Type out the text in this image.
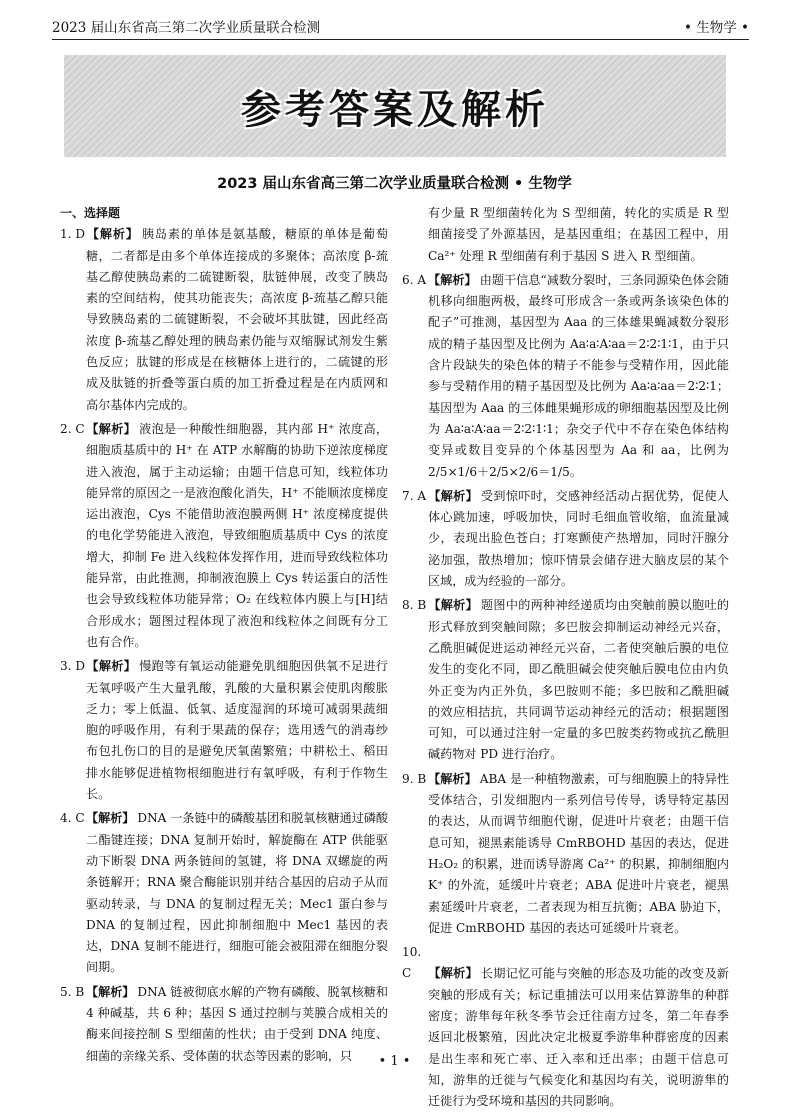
2023 届山东省高三第二次学业质量联合检测	• 生物学 •
参考答案及解析
2023 届山东省高三第二次学业质量联合检测 • 生物学
一、选择题
1. D【解析】 胰岛素的单体是氨基酸，糖原的单体是葡萄糖，二者都是由多个单体连接成的多聚体；高浓度 β-巯基乙醇使胰岛素的二硫键断裂，肽链伸展，改变了胰岛素的空间结构，使其功能丧失；高浓度 β-巯基乙醇只能导致胰岛素的二硫键断裂，不会破坏其肽键，因此经高浓度 β-巯基乙醇处理的胰岛素仍能与双缩脲试剂发生紫色反应；肽键的形成是在核糖体上进行的，二硫键的形成及肽链的折叠等蛋白质的加工折叠过程是在内质网和高尔基体内完成的。
2. C【解析】 液泡是一种酸性细胞器，其内部 H⁺ 浓度高，细胞质基质中的 H⁺ 在 ATP 水解酶的协助下逆浓度梯度进入液泡，属于主动运输；由题干信息可知，线粒体功能异常的原因之一是液泡酸化消失，H⁺ 不能顺浓度梯度运出液泡，Cys 不能借助液泡膜两侧 H⁺ 浓度梯度提供的电化学势能进入液泡，导致细胞质基质中 Cys 的浓度增大，抑制 Fe 进入线粒体发挥作用，进而导致线粒体功能异常，由此推测，抑制液泡膜上 Cys 转运蛋白的活性也会导致线粒体功能异常；O₂ 在线粒体内膜上与[H]结合形成水；题图过程体现了液泡和线粒体之间既有分工也有合作。
3. D【解析】 慢跑等有氧运动能避免肌细胞因供氧不足进行无氧呼吸产生大量乳酸，乳酸的大量积累会使肌肉酸胀乏力；零上低温、低氧、适度湿润的环境可减弱果蔬细胞的呼吸作用，有利于果蔬的保存；选用透气的消毒纱布包扎伤口的目的是避免厌氧菌繁殖；中耕松土、稻田排水能够促进植物根细胞进行有氧呼吸，有利于作物生长。
4. C【解析】 DNA 一条链中的磷酸基团和脱氧核糖通过磷酸二酯键连接；DNA 复制开始时，解旋酶在 ATP 供能驱动下断裂 DNA 两条链间的氢键，将 DNA 双螺旋的两条链解开；RNA 聚合酶能识别并结合基因的启动子从而驱动转录，与 DNA 的复制过程无关；Mec1 蛋白参与 DNA 的复制过程，因此抑制细胞中 Mec1 基因的表达，DNA 复制不能进行，细胞可能会被阻滞在细胞分裂间期。
5. B 【解析】 DNA 链被彻底水解的产物有磷酸、脱氧核糖和 4 种碱基，共 6 种；基因 S 通过控制与荚膜合成相关的酶来间接控制 S 型细菌的性状；由于受到 DNA 纯度、细菌的亲缘关系、受体菌的状态等因素的影响，只
有少量 R 型细菌转化为 S 型细菌，转化的实质是 R 型细菌接受了外源基因，是基因重组；在基因工程中，用 Ca²⁺ 处理 R 型细菌有利于基因 S 进入 R 型细菌。
6. A 【解析】 由题干信息“减数分裂时，三条同源染色体会随机移向细胞两极，最终可形成含一条或两条该染色体的配子”可推测，基因型为 Aaa 的三体雄果蝇减数分裂形成的精子基因型及比例为 Aa∶a∶A∶aa＝2∶2∶1∶1，由于只含片段缺失的染色体的精子不能参与受精作用，因此能参与受精作用的精子基因型及比例为 Aa∶a∶aa＝2∶2∶1；基因型为 Aaa 的三体雌果蝇形成的卵细胞基因型及比例为 Aa∶a∶A∶aa＝2∶2∶1∶1；杂交子代中不存在染色体结构变异或数目变异的个体基因型为 Aa 和 aa，比例为 2/5×1/6＋2/5×2/6＝1/5。
7. A 【解析】 受到惊吓时，交感神经活动占据优势，促使人体心跳加速，呼吸加快，同时毛细血管收缩，血流量减少，表现出脸色苍白；打寒颤使产热增加，同时汗腺分泌加强，散热增加；惊吓情景会储存进大脑皮层的某个区域，成为经验的一部分。
8. B 【解析】 题图中的两种神经递质均由突触前膜以胞吐的形式释放到突触间隙；多巴胺会抑制运动神经元兴奋，乙酰胆碱促进运动神经元兴奋，二者使突触后膜的电位发生的变化不同，即乙酰胆碱会使突触后膜电位由内负外正变为内正外负，多巴胺则不能；多巴胺和乙酰胆碱的效应相拮抗，共同调节运动神经元的活动；根据题图可知，可以通过注射一定量的多巴胺类药物或抗乙酰胆碱药物对 PD 进行治疗。
9. B 【解析】 ABA 是一种植物激素，可与细胞膜上的特异性受体结合，引发细胞内一系列信号传导，诱导特定基因的表达，从而调节细胞代谢，促进叶片衰老；由题干信息可知，褪黑素能诱导 CmRBOHD 基因的表达，促进 H₂O₂ 的积累，进而诱导游离 Ca²⁺ 的积累，抑制细胞内 K⁺ 的外流，延缓叶片衰老；ABA 促进叶片衰老，褪黑素延缓叶片衰老，二者表现为相互抗衡；ABA 胁迫下，促进 CmRBOHD 基因的表达可延缓叶片衰老。
10. C 【解析】 长期记忆可能与突触的形态及功能的改变及新突触的形成有关；标记重捕法可以用来估算游隼的种群密度；游隼每年秋冬季节会迁往南方过冬，第二年春季返回北极繁殖，因此决定北极夏季游隼种群密度的因素是出生率和死亡率、迁入率和迁出率；由题干信息可知，游隼的迁徙与气候变化和基因均有关，说明游隼的迁徙行为受环境和基因的共同影响。
• 1 •
